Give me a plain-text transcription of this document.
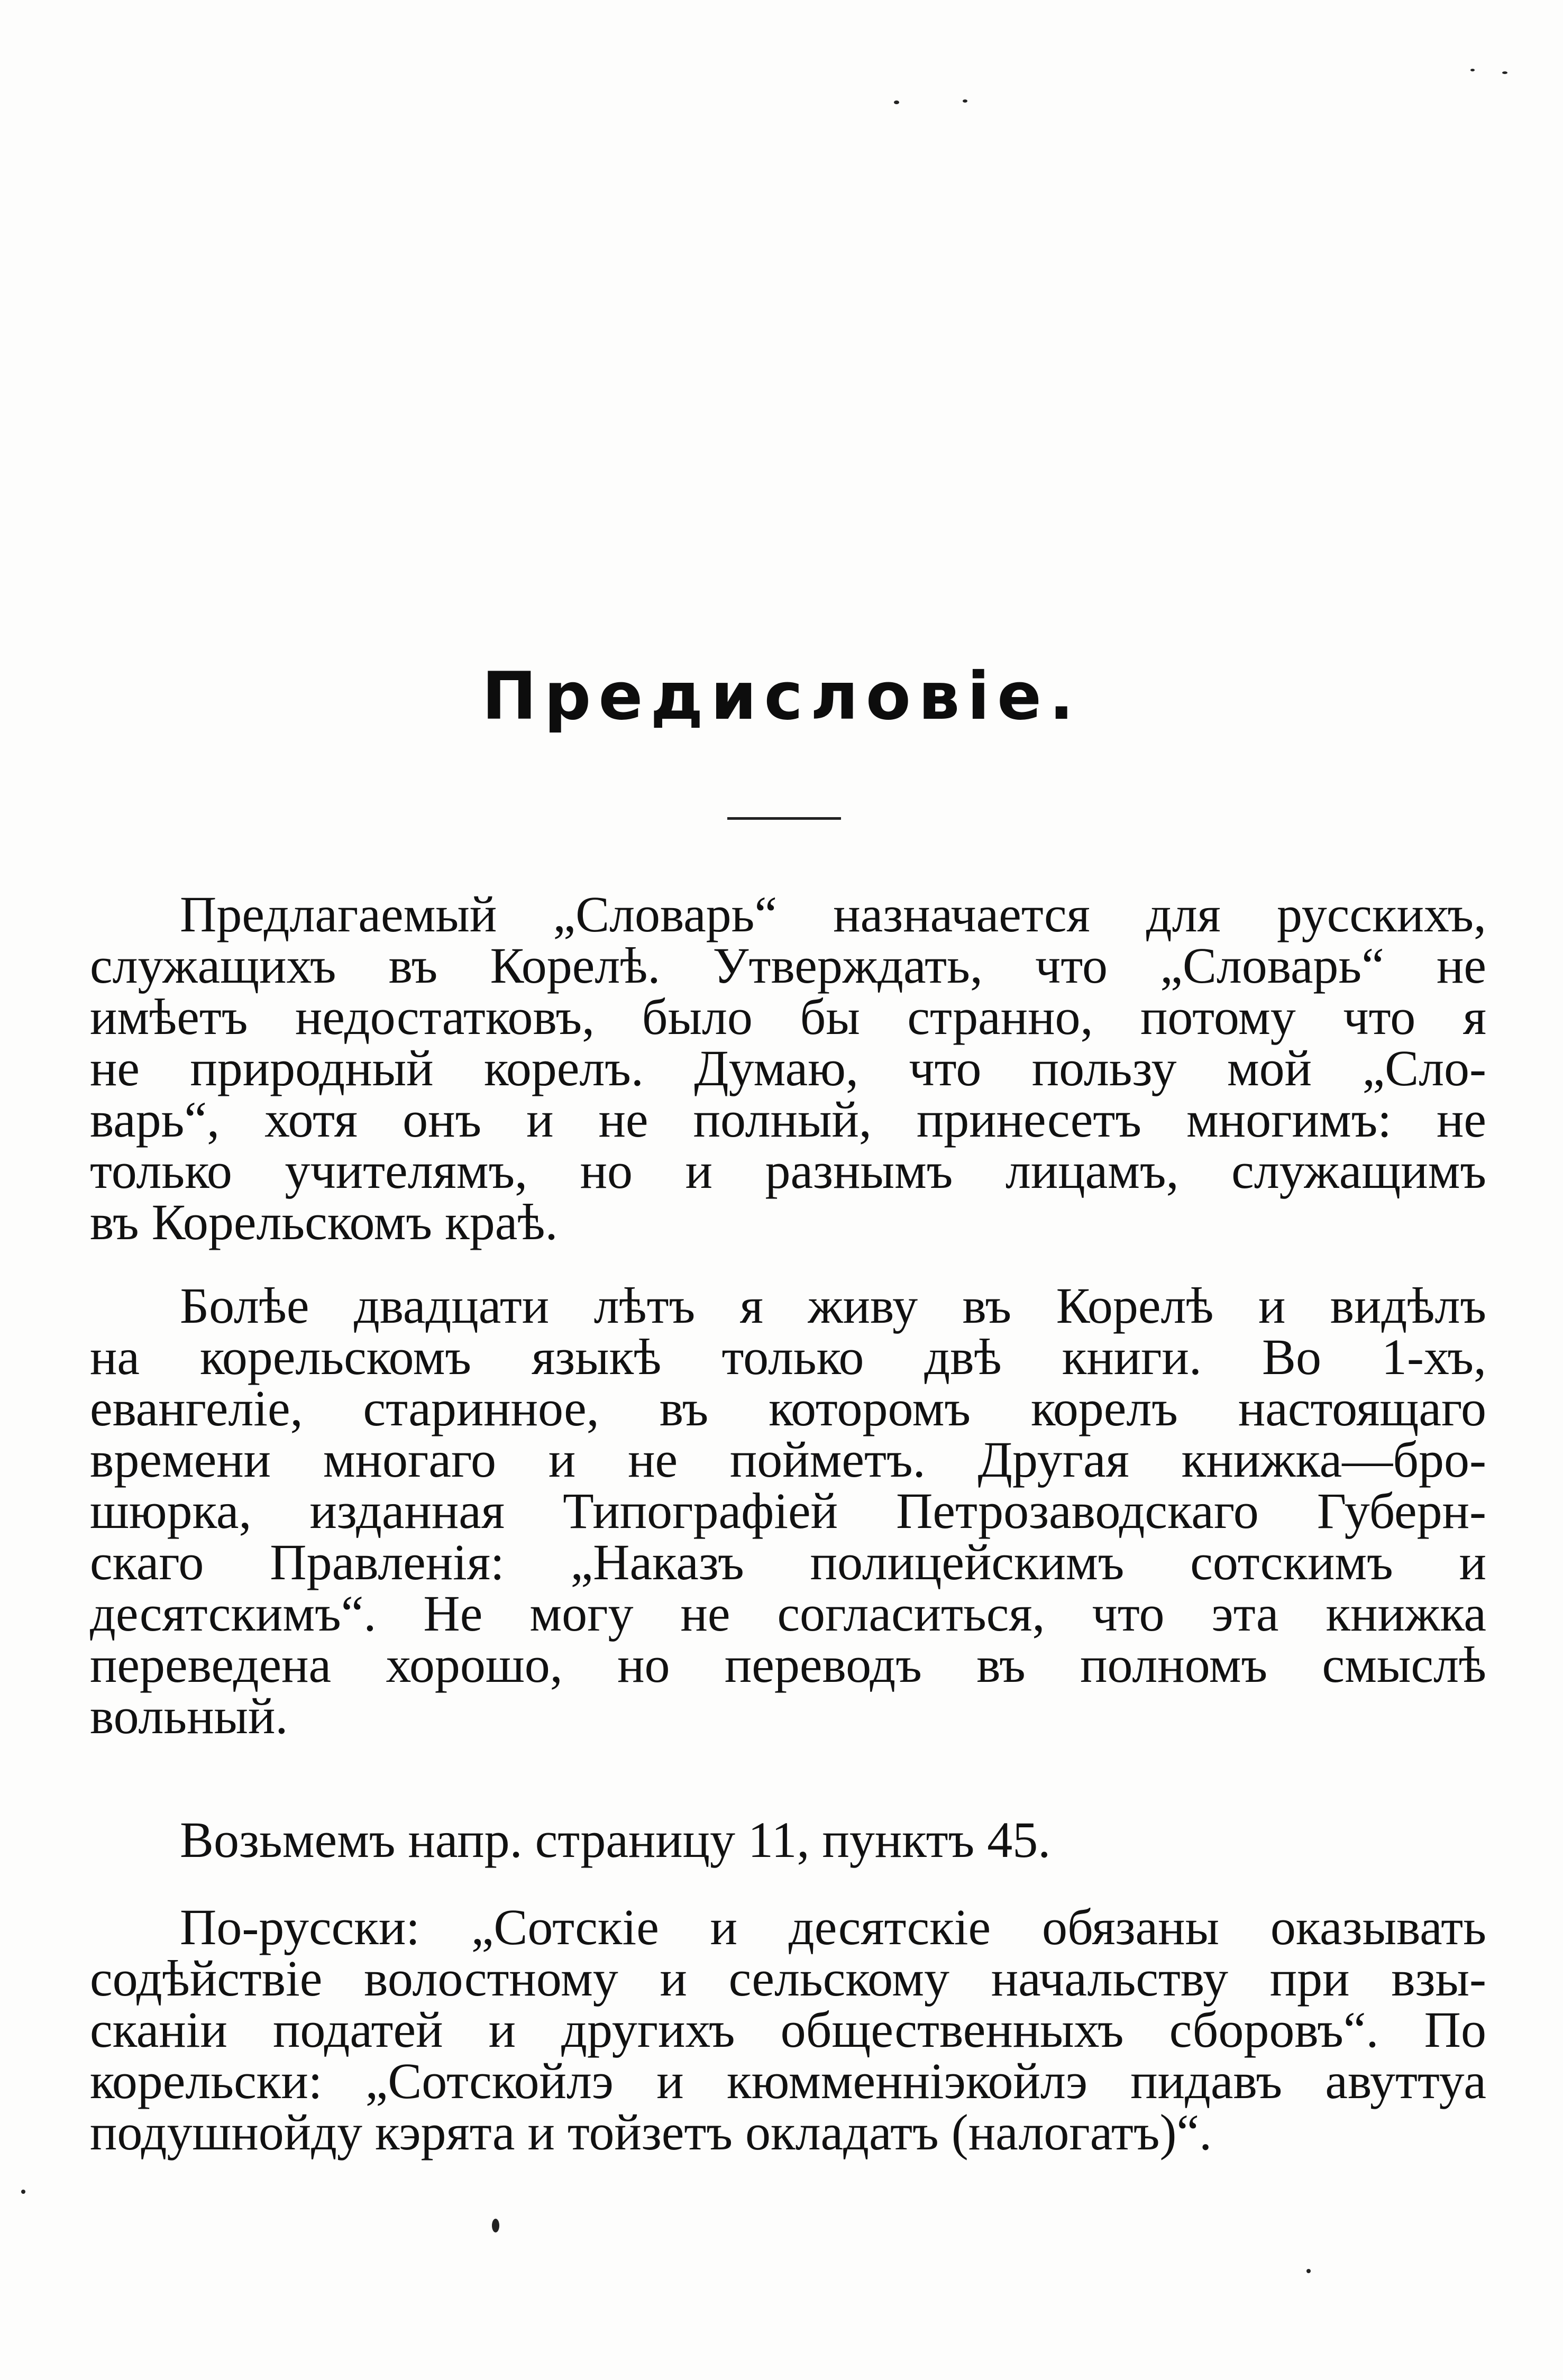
Предисловіе.
Предлагаемый „Словарь“ назначается для русскихъ,
служащихъ въ Корелѣ. Утверждать, что „Словарь“ не
имѣетъ недостатковъ, было бы странно, потому что я
не природный корелъ. Думаю, что пользу мой „Сло-
варь“, хотя онъ и не полный, принесетъ многимъ: не
только учителямъ, но и разнымъ лицамъ, служащимъ
въ Корельскомъ краѣ.
Болѣе двадцати лѣтъ я живу въ Корелѣ и видѣлъ
на корельскомъ языкѣ только двѣ книги. Во 1-хъ,
евангеліе, старинное, въ которомъ корелъ настоящаго
времени многаго и не пойметъ. Другая книжка—бро-
шюрка, изданная Типографіей Петрозаводскаго Губерн-
скаго Правленія: „Наказъ полицейскимъ сотскимъ и
десятскимъ“. Не могу не согласиться, что эта книжка
переведена хорошо, но переводъ въ полномъ смыслѣ
вольный.
Возьмемъ напр. страницу 11, пунктъ 45.
По-русски: „Сотскіе и десятскіе обязаны оказывать
содѣйствіе волостному и сельскому начальству при взы-
сканіи податей и другихъ общественныхъ сборовъ“. По
корельски: „Сотскойлэ и кюмменніэкойлэ пидавъ авуттуа
подушнойду кэрята и тойзетъ окладатъ (налогатъ)“.
